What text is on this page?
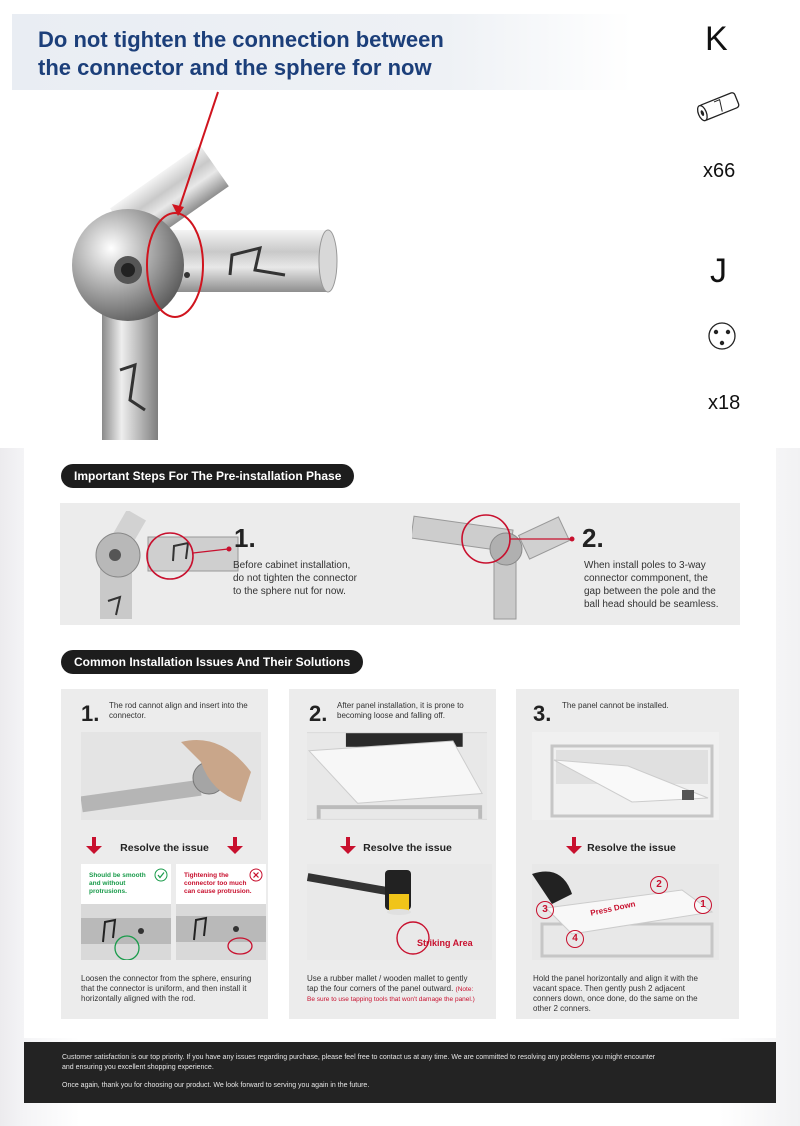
Do not tighten the connection between
the connector and the sphere for now
K
x66
J
x18
Important Steps For The Pre-installation Phase
1.
Before cabinet installation,
do not tighten the connector
to the sphere nut for now.
2.
When install poles to 3-way
connector commponent, the
gap between the pole and the
ball head should be seamless.
Common Installation Issues And Their Solutions
1. The rod cannot align and insert into the
connector.
Resolve the issue
Should be smooth
and without
protrusions.
Tightening the
connector too much
can cause protrusion.
Loosen the connector from the sphere, ensuring
that the connector is uniform, and then install it
horizontally aligned with the rod.
2. After panel installation, it is prone to
becoming loose and falling off.
Resolve the issue
Striking Area
Use a rubber mallet / wooden mallet to gently
tap the four corners of the panel outward. (Note:
Be sure to use tapping tools that won't damage the panel.)
3. The panel cannot be installed.
Resolve the issue
Press Down	1
2
3
4
Hold the panel horizontally and align it with the
vacant space. Then gently push 2 adjacent
conners down, once done, do the same on the
other 2 conners.

Customer satisfaction is our top priority. If you have any issues regarding purchase, please feel free to contact us at any time. We are committed to resolving any problems you might encounter
and ensuring you excellent shopping experience.

Once again, thank you for choosing our product. We look forward to serving you again in the future.
